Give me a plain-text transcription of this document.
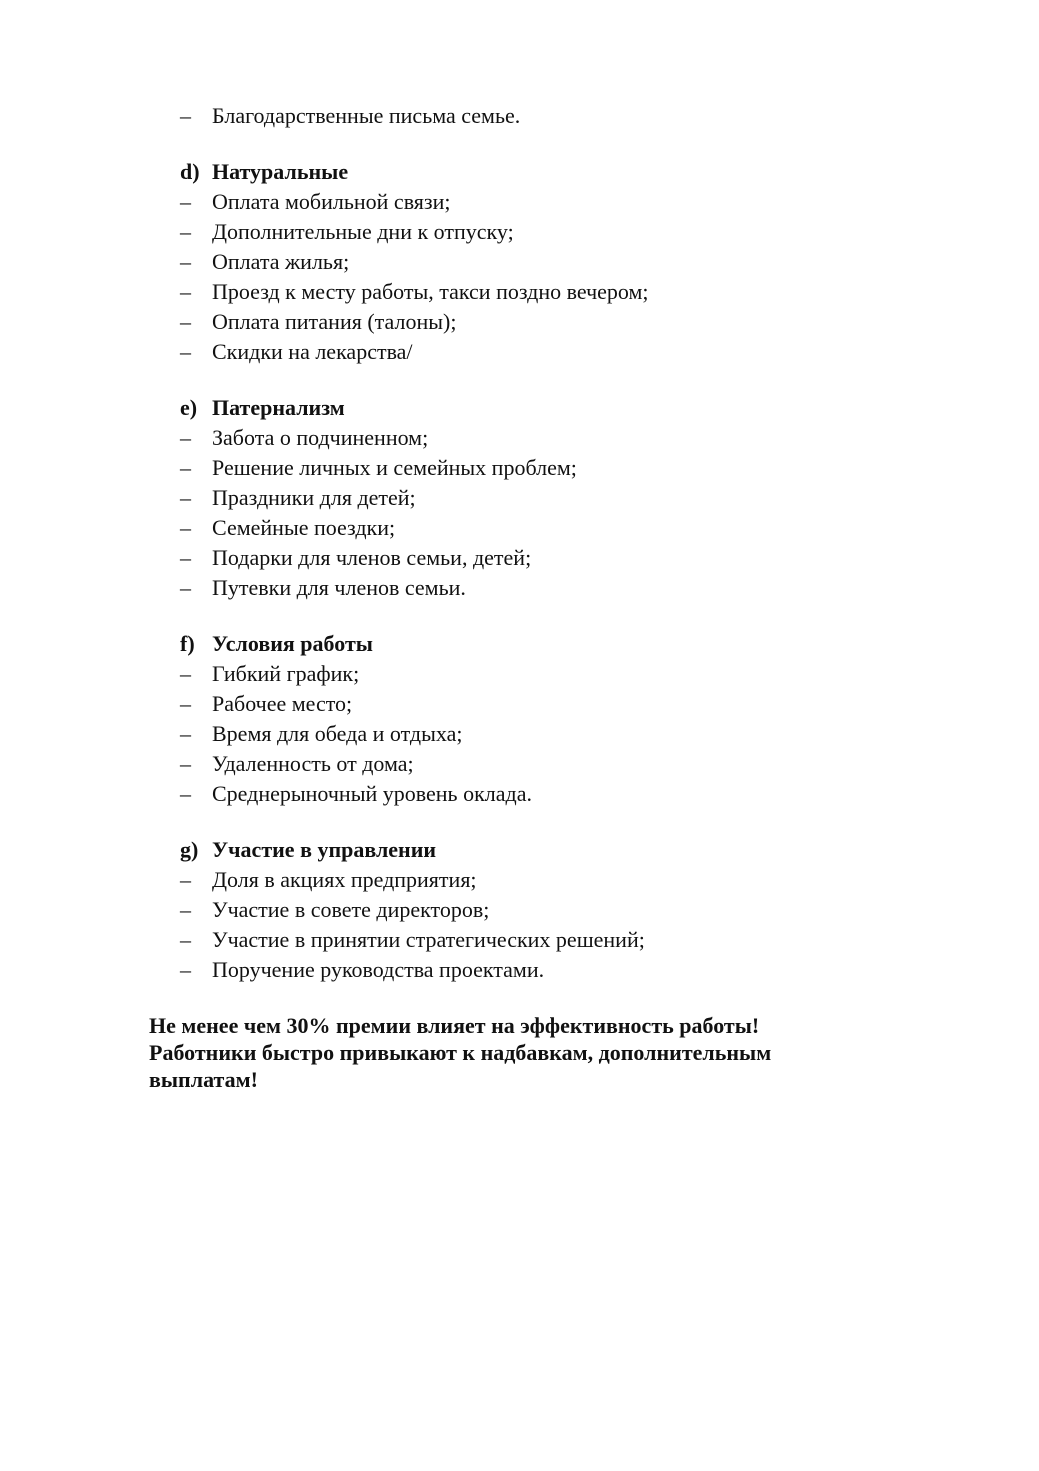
– Благодарственные письма семье.
d) Натуральные
– Оплата мобильной связи;
– Дополнительные дни к отпуску;
– Оплата жилья;
– Проезд к месту работы, такси поздно вечером;
– Оплата питания (талоны);
– Скидки на лекарства/
e) Патернализм
– Забота о подчиненном;
– Решение личных и семейных проблем;
– Праздники для детей;
– Семейные поездки;
– Подарки для членов семьи, детей;
– Путевки для членов семьи.
f) Условия работы
– Гибкий график;
– Рабочее место;
– Время для обеда и отдыха;
– Удаленность от дома;
– Среднерыночный уровень оклада.
g) Участие в управлении
– Доля в акциях предприятия;
– Участие в совете директоров;
– Участие в принятии стратегических решений;
– Поручение руководства проектами.
Не менее чем 30% премии влияет на эффективность работы!
Работники быстро привыкают к надбавкам, дополнительным
выплатам!
